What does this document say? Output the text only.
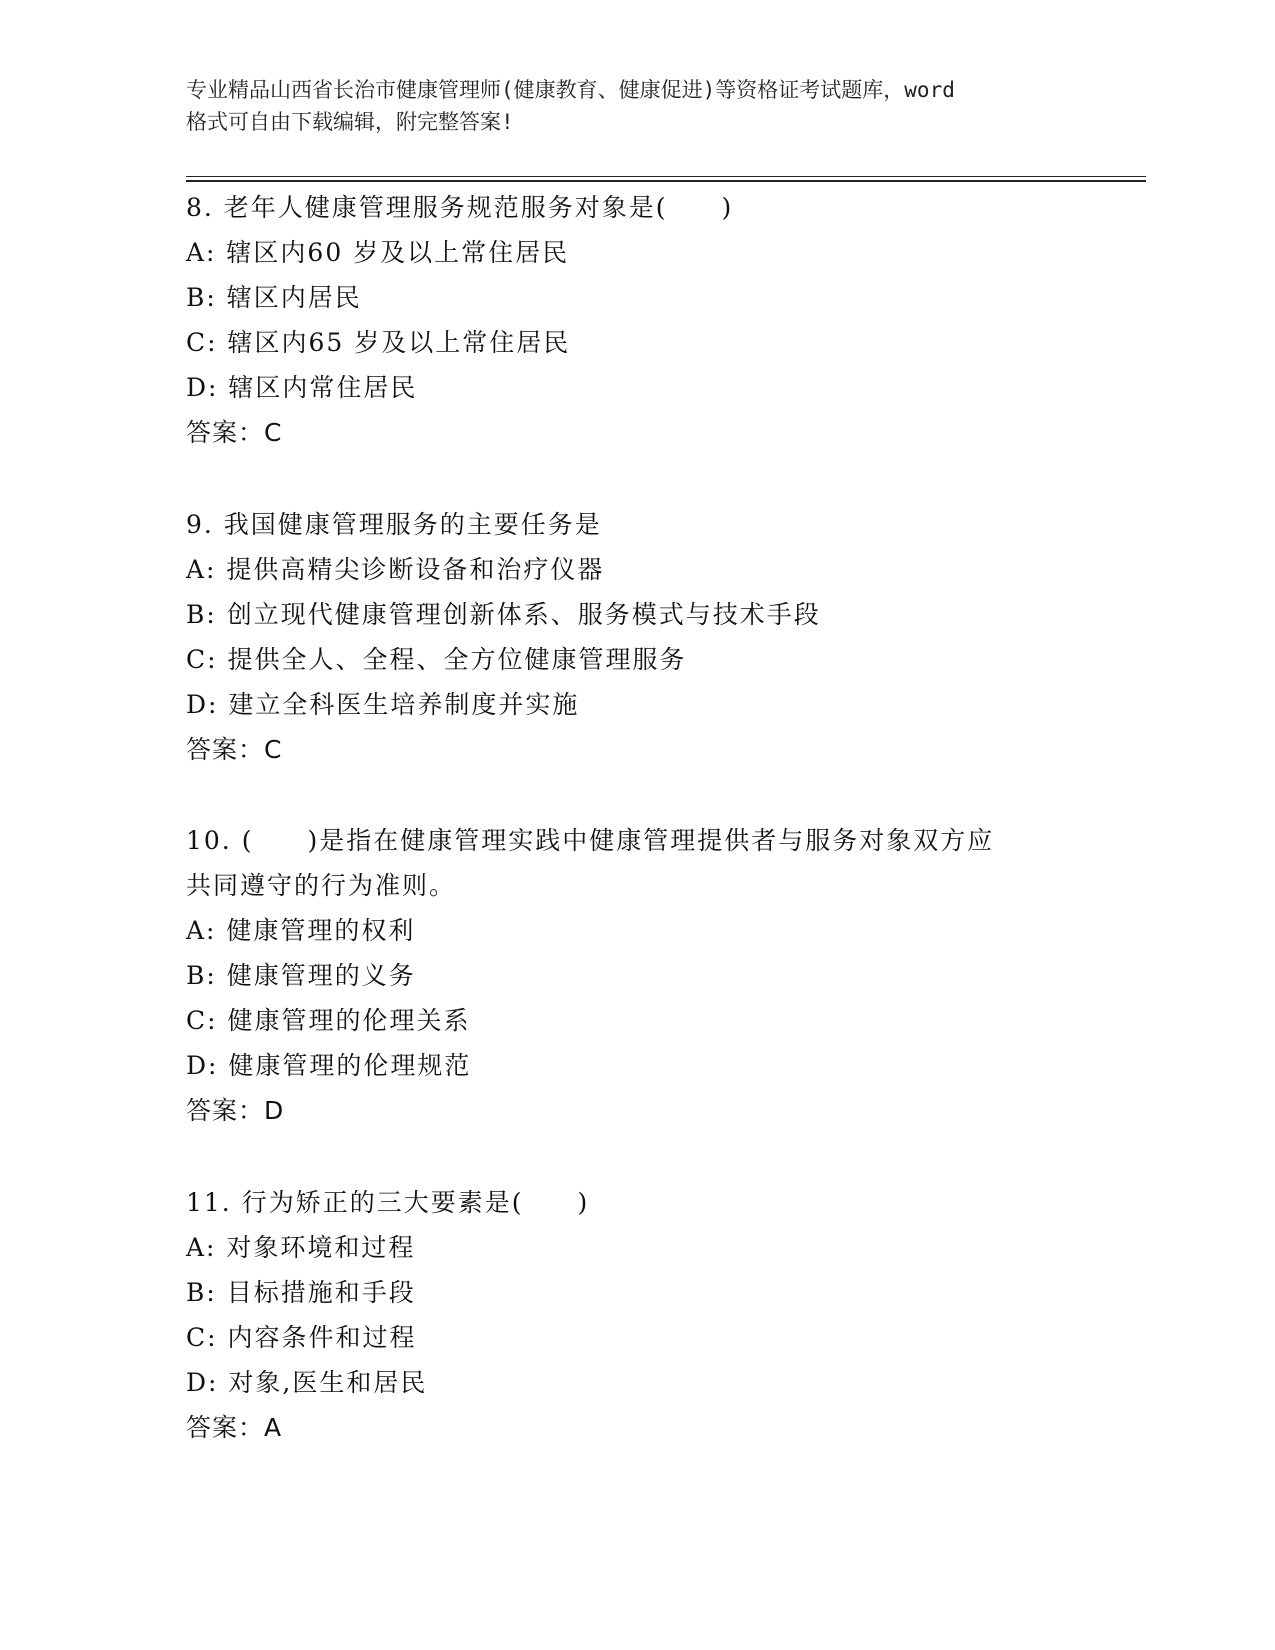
专业精品山西省长治市健康管理师(健康教育、健康促进)等资格证考试题库，word
格式可自由下载编辑，附完整答案!
8. 老年人健康管理服务规范服务对象是(　　)
A: 辖区内60 岁及以上常住居民
B: 辖区内居民
C: 辖区内65 岁及以上常住居民
D: 辖区内常住居民
答案：C
9. 我国健康管理服务的主要任务是
A: 提供高精尖诊断设备和治疗仪器
B: 创立现代健康管理创新体系、服务模式与技术手段
C: 提供全人、全程、全方位健康管理服务
D: 建立全科医生培养制度并实施
答案：C
10. (　　)是指在健康管理实践中健康管理提供者与服务对象双方应
共同遵守的行为准则。
A: 健康管理的权利
B: 健康管理的义务
C: 健康管理的伦理关系
D: 健康管理的伦理规范
答案：D
11. 行为矫正的三大要素是(　　)
A: 对象环境和过程
B: 目标措施和手段
C: 内容条件和过程
D: 对象,医生和居民
答案：A
